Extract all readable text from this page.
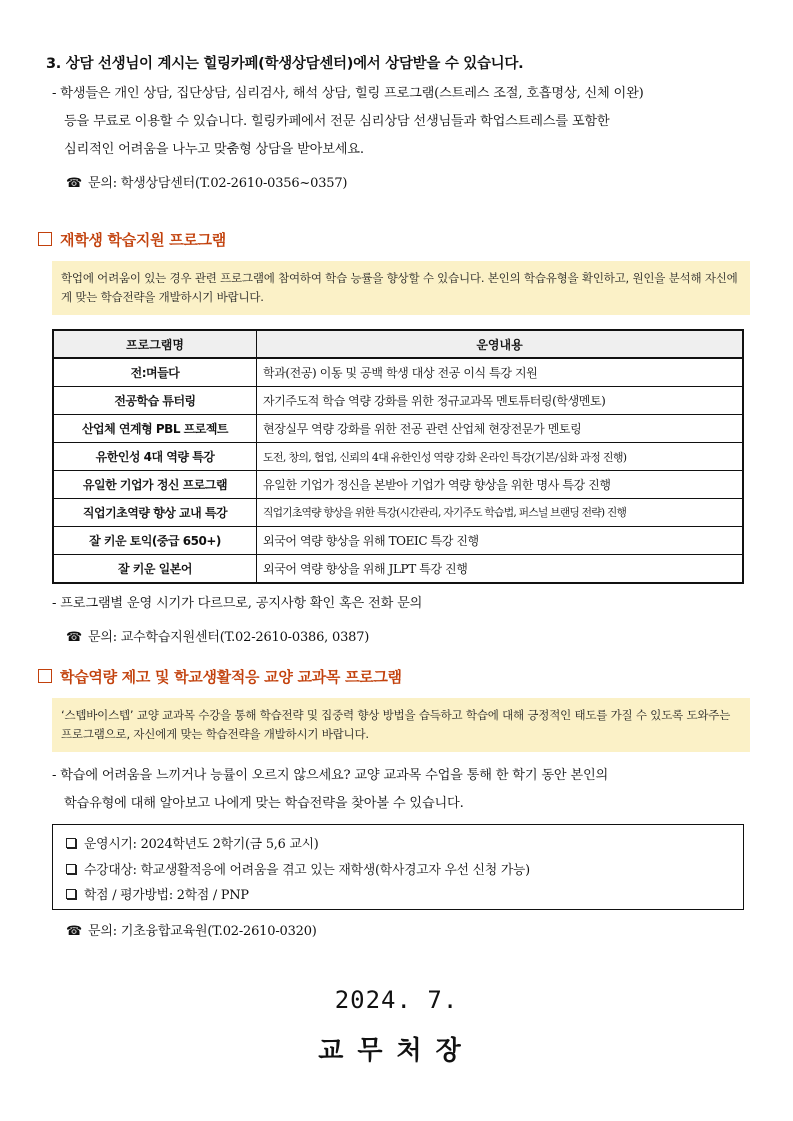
3. 상담 선생님이 계시는 힐링카페(학생상담센터)에서 상담받을 수 있습니다.
- 학생들은 개인 상담, 집단상담, 심리검사, 해석 상담, 힐링 프로그램(스트레스 조절, 호흡명상, 신체 이완)
등을 무료로 이용할 수 있습니다. 힐링카페에서 전문 심리상담 선생님들과 학업스트레스를 포함한
심리적인 어려움을 나누고 맞춤형 상담을 받아보세요.
☎ 문의: 학생상담센터(T.02-2610-0356~0357)
재학생 학습지원 프로그램
학업에 어려움이 있는 경우 관련 프로그램에 참여하여 학습 능률을 향상할 수 있습니다. 본인의 학습유형을 확인하고, 원인을 분석해 자신에게 맞는 학습전략을 개발하시기 바랍니다.
프로그램명	운영내용
전:며들다	학과(전공) 이동 및 공백 학생 대상 전공 이식 특강 지원
전공학습 튜터링	자기주도적 학습 역량 강화를 위한 정규교과목 멘토튜터링(학생멘토)
산업체 연계형 PBL 프로젝트	현장실무 역량 강화를 위한 전공 관련 산업체 현장전문가 멘토링
유한인성 4대 역량 특강	도전, 창의, 협업, 신뢰의 4대 유한인성 역량 강화 온라인 특강(기본/심화 과정 진행)
유일한 기업가 정신 프로그램	유일한 기업가 정신을 본받아 기업가 역량 향상을 위한 명사 특강 진행
직업기초역량 향상 교내 특강	직업기초역량 향상을 위한 특강(시간관리, 자기주도 학습법, 퍼스널 브랜딩 전략) 진행
잘 키운 토익(중급 650+)	외국어 역량 향상을 위해 TOEIC 특강 진행
잘 키운 일본어	외국어 역량 향상을 위해 JLPT 특강 진행
- 프로그램별 운영 시기가 다르므로, 공지사항 확인 혹은 전화 문의
☎ 문의: 교수학습지원센터(T.02-2610-0386, 0387)
학습역량 제고 및 학교생활적응 교양 교과목 프로그램
‘스텝바이스텝’ 교양 교과목 수강을 통해 학습전략 및 집중력 향상 방법을 습득하고 학습에 대해 긍정적인 태도를 가질 수 있도록 도와주는 프로그램으로, 자신에게 맞는 학습전략을 개발하시기 바랍니다.
- 학습에 어려움을 느끼거나 능률이 오르지 않으세요? 교양 교과목 수업을 통해 한 학기 동안 본인의
학습유형에 대해 알아보고 나에게 맞는 학습전략을 찾아볼 수 있습니다.
운영시기: 2024학년도 2학기(금 5,6 교시)
수강대상: 학교생활적응에 어려움을 겪고 있는 재학생(학사경고자 우선 신청 가능)
학점 / 평가방법: 2학점 / PNP
☎ 문의: 기초융합교육원(T.02-2610-0320)
2024. 7.
교무처장
